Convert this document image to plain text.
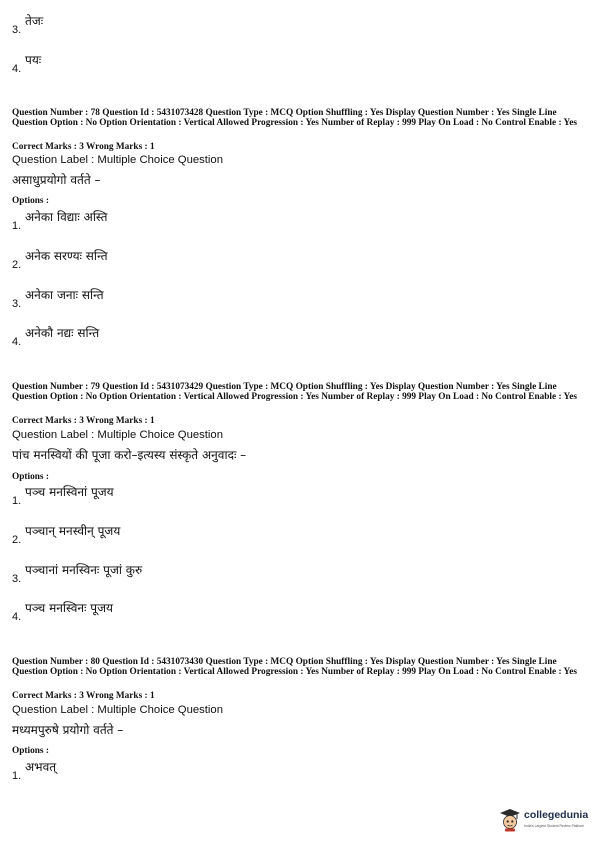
3.
तेजः
4.
पयः
Question Number : 78 Question Id : 5431073428 Question Type : MCQ Option Shuffling : Yes Display Question Number : Yes Single Line Question Option : No Option Orientation : Vertical Allowed Progression : Yes Number of Replay : 999 Play On Load : No Control Enable : Yes
Correct Marks : 3 Wrong Marks : 1
Question Label : Multiple Choice Question
असाधुप्रयोगो वर्तते –
Options :
1.
अनेका विद्याः अस्ति
2.
अनेक सरण्यः सन्ति
3.
अनेका जनाः सन्ति
4.
अनेकौ नद्यः सन्ति
Question Number : 79 Question Id : 5431073429 Question Type : MCQ Option Shuffling : Yes Display Question Number : Yes Single Line Question Option : No Option Orientation : Vertical Allowed Progression : Yes Number of Replay : 999 Play On Load : No Control Enable : Yes
Correct Marks : 3 Wrong Marks : 1
Question Label : Multiple Choice Question
पांच मनस्वियों की पूजा करो–इत्यस्य संस्कृते अनुवादः –
Options :
1.
पञ्च मनस्विनां पूजय
2.
पञ्चान् मनस्वीन् पूजय
3.
पञ्चानां मनस्विनः पूजां कुरु
4.
पञ्च मनस्विनः पूजय
Question Number : 80 Question Id : 5431073430 Question Type : MCQ Option Shuffling : Yes Display Question Number : Yes Single Line Question Option : No Option Orientation : Vertical Allowed Progression : Yes Number of Replay : 999 Play On Load : No Control Enable : Yes
Correct Marks : 3 Wrong Marks : 1
Question Label : Multiple Choice Question
मध्यमपुरुषे प्रयोगो वर्तते –
Options :
1.
अभवत्
collegedunia
India's Largest Student Review Platform
